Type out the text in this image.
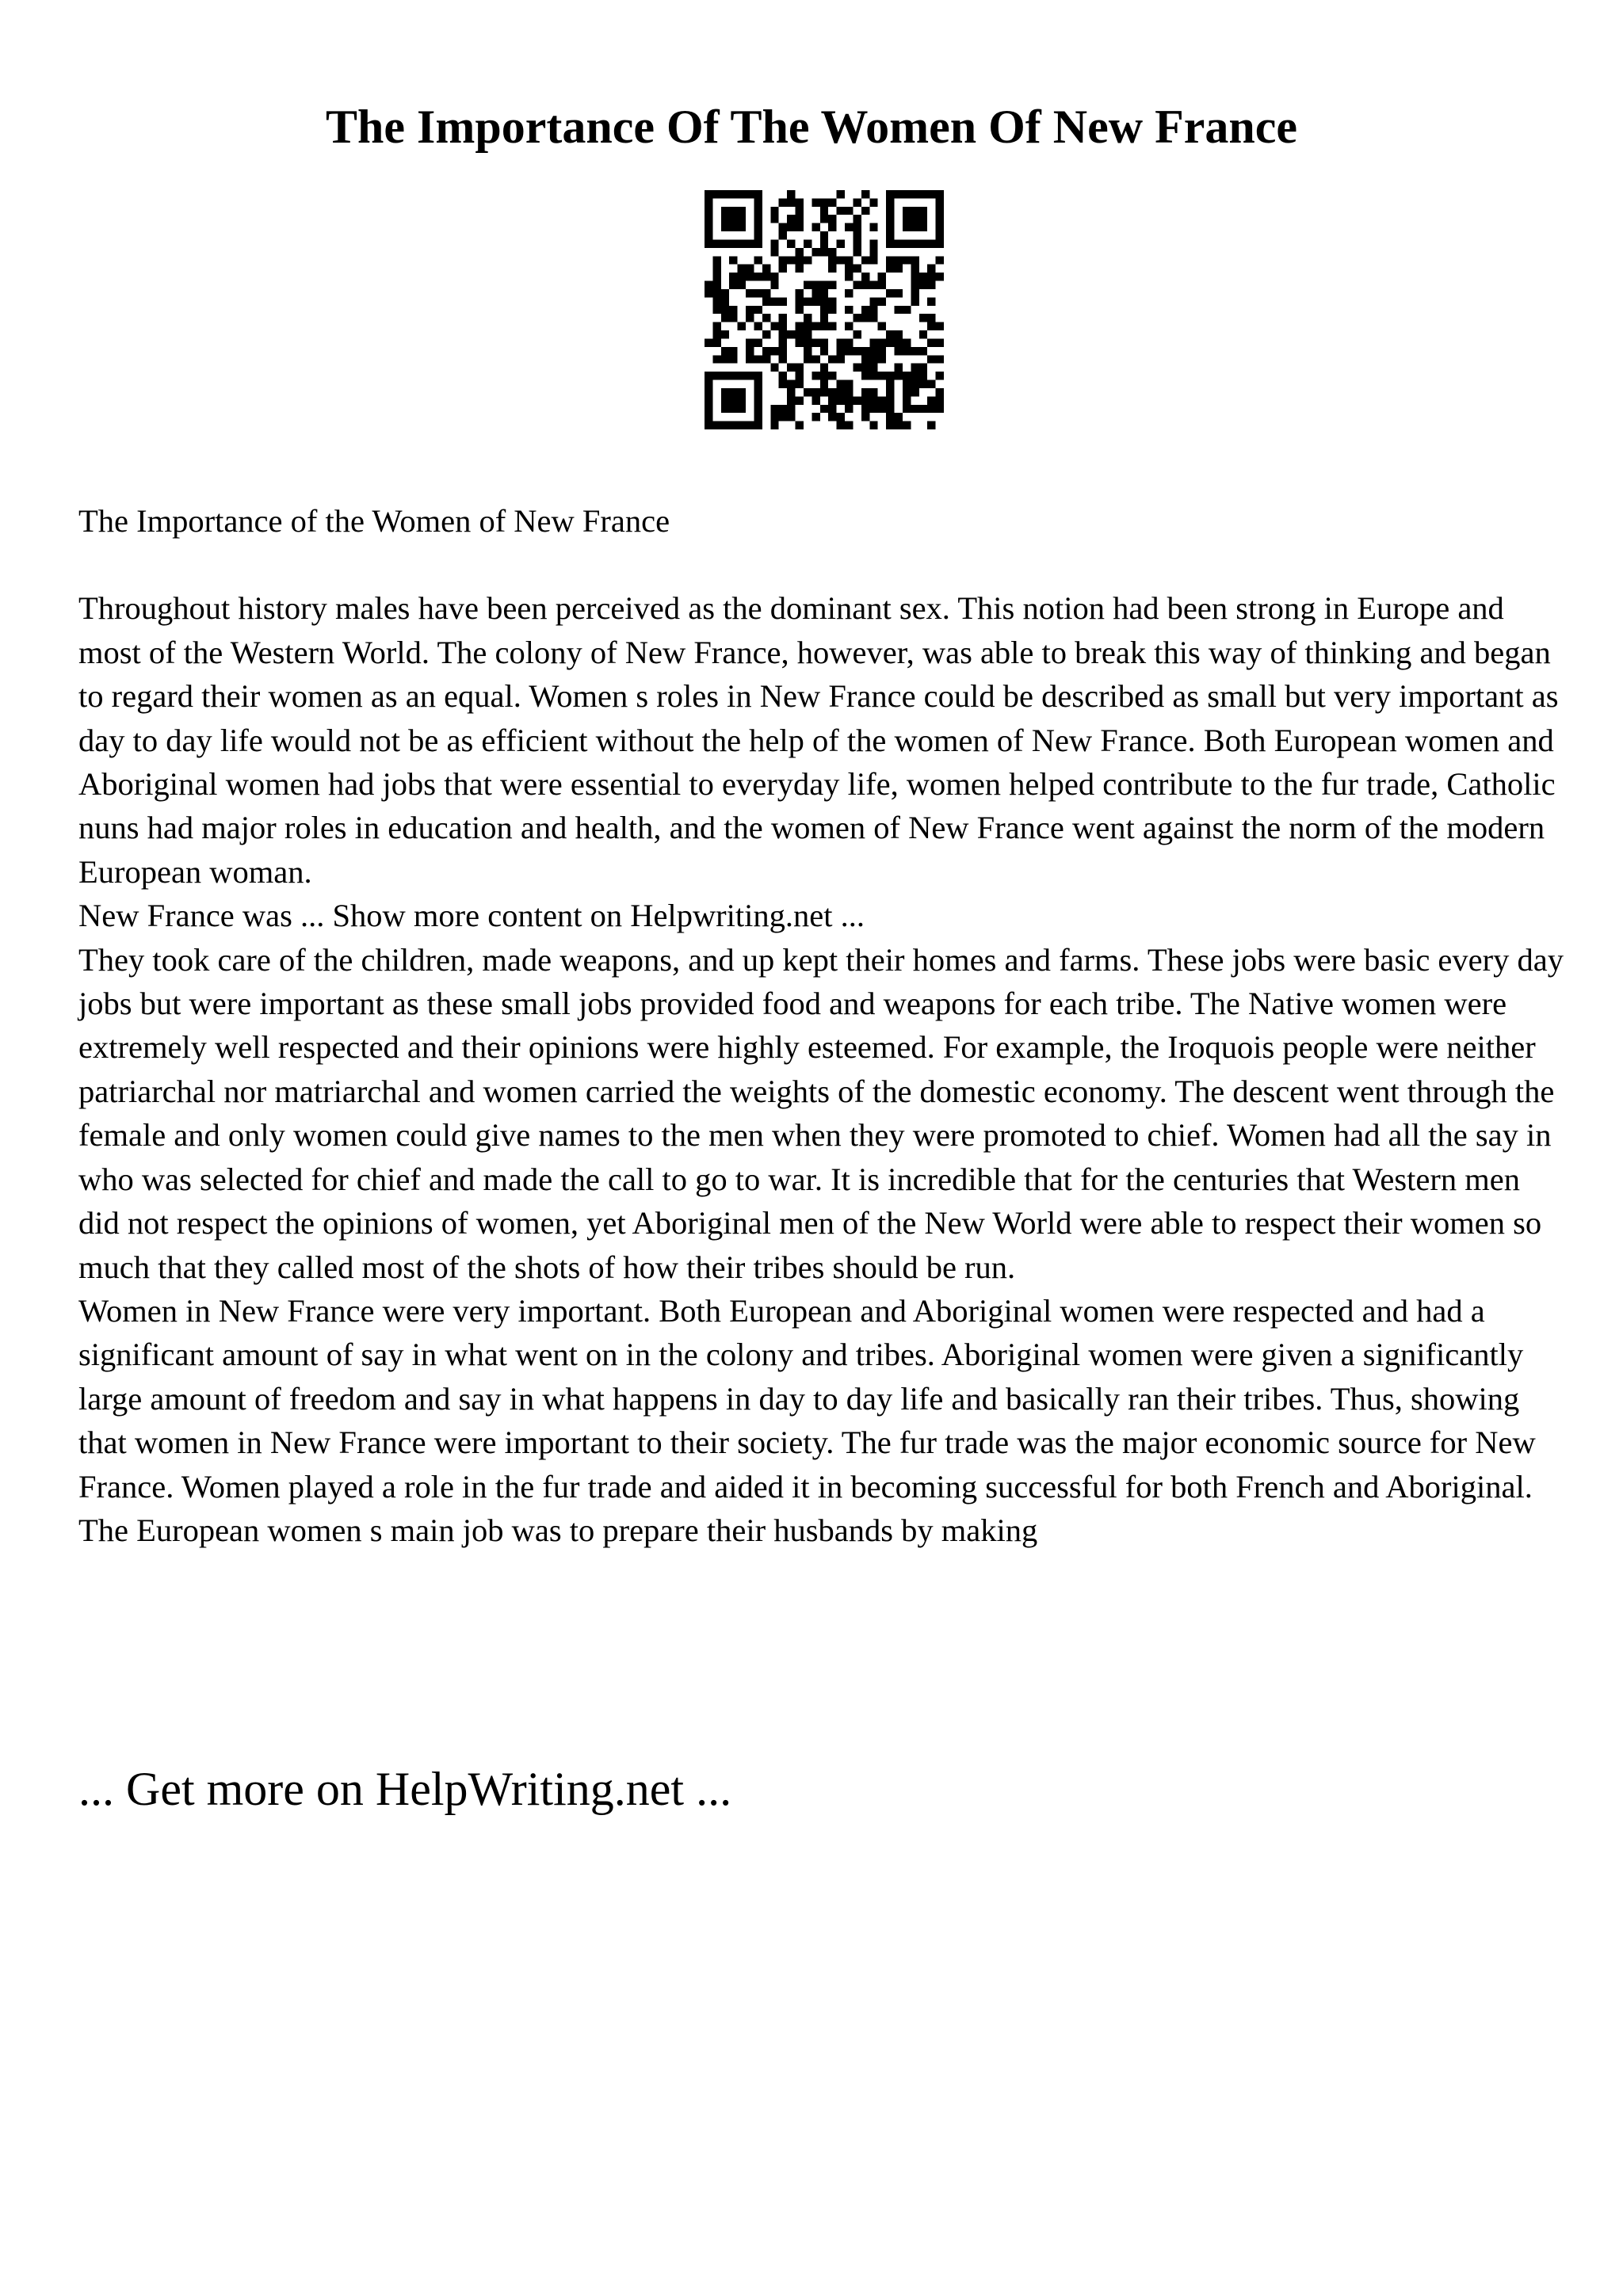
The Importance Of The Women Of New France

The Importance of the Women of New France

Throughout history males have been perceived as the dominant sex. This notion had been strong in Europe and most of the Western World. The colony of New France, however, was able to break this way of thinking and began to regard their women as an equal. Women s roles in New France could be described as small but very important as day to day life would not be as efficient without the help of the women of New France. Both European women and Aboriginal women had jobs that were essential to everyday life, women helped contribute to the fur trade, Catholic nuns had major roles in education and health, and the women of New France went against the norm of the modern European woman.

New France was ... Show more content on Helpwriting.net ...

They took care of the children, made weapons, and up kept their homes and farms. These jobs were basic every day jobs but were important as these small jobs provided food and weapons for each tribe. The Native women were extremely well respected and their opinions were highly esteemed. For example, the Iroquois people were neither patriarchal nor matriarchal and women carried the weights of the domestic economy. The descent went through the female and only women could give names to the men when they were promoted to chief. Women had all the say in who was selected for chief and made the call to go to war. It is incredible that for the centuries that Western men did not respect the opinions of women, yet Aboriginal men of the New World were able to respect their women so much that they called most of the shots of how their tribes should be run.

Women in New France were very important. Both European and Aboriginal women were respected and had a significant amount of say in what went on in the colony and tribes. Aboriginal women were given a significantly large amount of freedom and say in what happens in day to day life and basically ran their tribes. Thus, showing that women in New France were important to their society. The fur trade was the major economic source for New France. Women played a role in the fur trade and aided it in becoming successful for both French and Aboriginal. The European women s main job was to prepare their husbands by making

... Get more on HelpWriting.net ...
